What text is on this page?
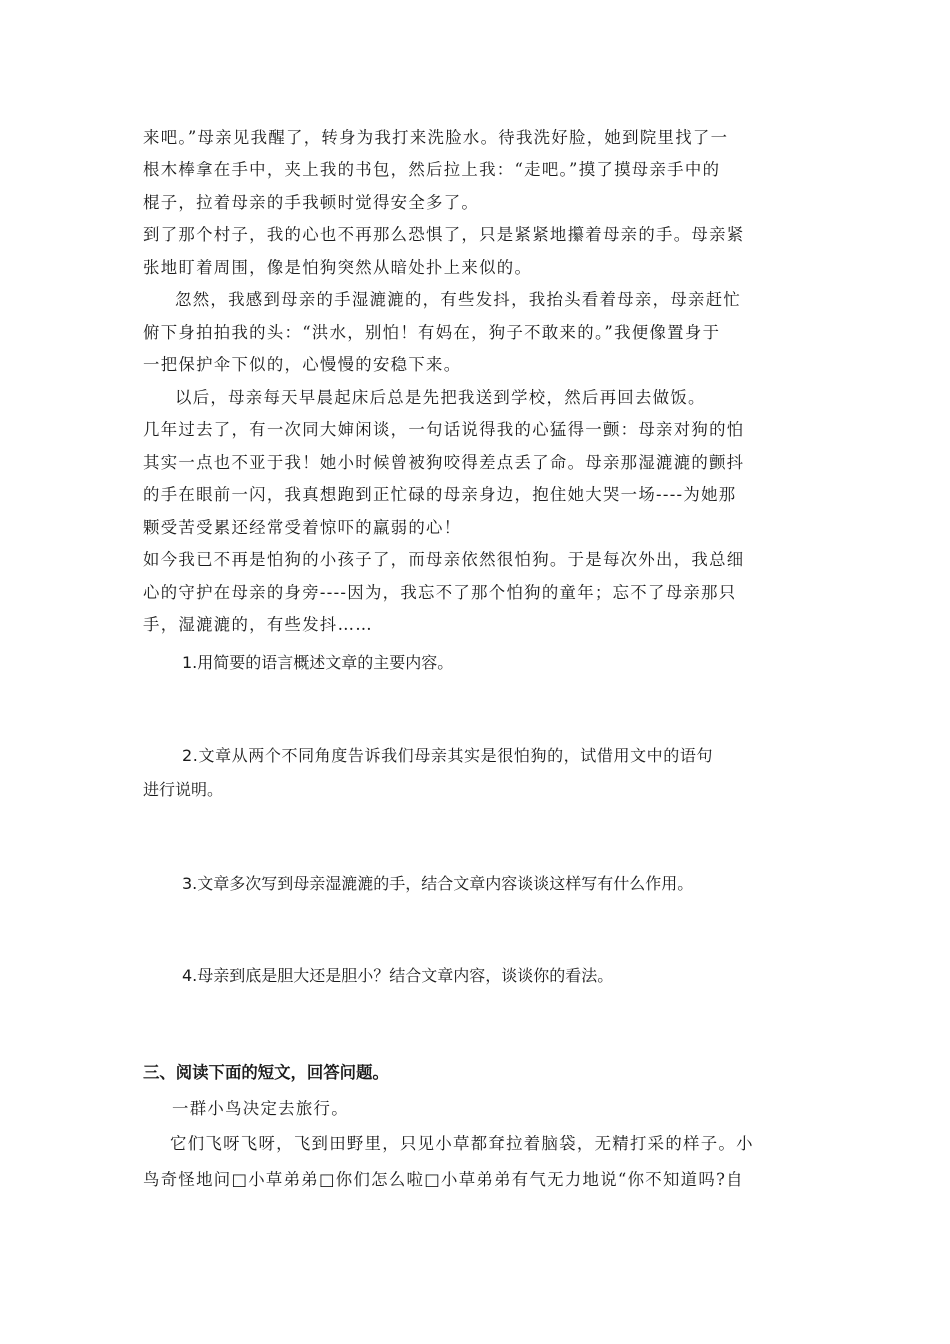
来吧。”母亲见我醒了，转身为我打来洗脸水。待我洗好脸，她到院里找了一
根木棒拿在手中，夹上我的书包，然后拉上我：“走吧。”摸了摸母亲手中的
棍子，拉着母亲的手我顿时觉得安全多了。
到了那个村子，我的心也不再那么恐惧了，只是紧紧地攥着母亲的手。母亲紧
张地盯着周围，像是怕狗突然从暗处扑上来似的。
忽然，我感到母亲的手湿漉漉的，有些发抖，我抬头看着母亲，母亲赶忙
俯下身拍拍我的头：“洪水，别怕！有妈在，狗子不敢来的。”我便像置身于
一把保护伞下似的，心慢慢的安稳下来。
以后，母亲每天早晨起床后总是先把我送到学校，然后再回去做饭。
几年过去了，有一次同大婶闲谈，一句话说得我的心猛得一颤：母亲对狗的怕
其实一点也不亚于我！她小时候曾被狗咬得差点丢了命。母亲那湿漉漉的颤抖
的手在眼前一闪，我真想跑到正忙碌的母亲身边，抱住她大哭一场----为她那
颗受苦受累还经常受着惊吓的羸弱的心！
如今我已不再是怕狗的小孩子了，而母亲依然很怕狗。于是每次外出，我总细
心的守护在母亲的身旁----因为，我忘不了那个怕狗的童年；忘不了母亲那只
手，湿漉漉的，有些发抖……
1.用简要的语言概述文章的主要内容。
2.文章从两个不同角度告诉我们母亲其实是很怕狗的，试借用文中的语句
进行说明。
3.文章多次写到母亲湿漉漉的手，结合文章内容谈谈这样写有什么作用。
4.母亲到底是胆大还是胆小？结合文章内容，谈谈你的看法。
三、阅读下面的短文，回答问题。
一群小鸟决定去旅行。
它们飞呀飞呀，飞到田野里，只见小草都耷拉着脑袋，无精打采的样子。小
鸟奇怪地问□小草弟弟□你们怎么啦□小草弟弟有气无力地说“你不知道吗?自
